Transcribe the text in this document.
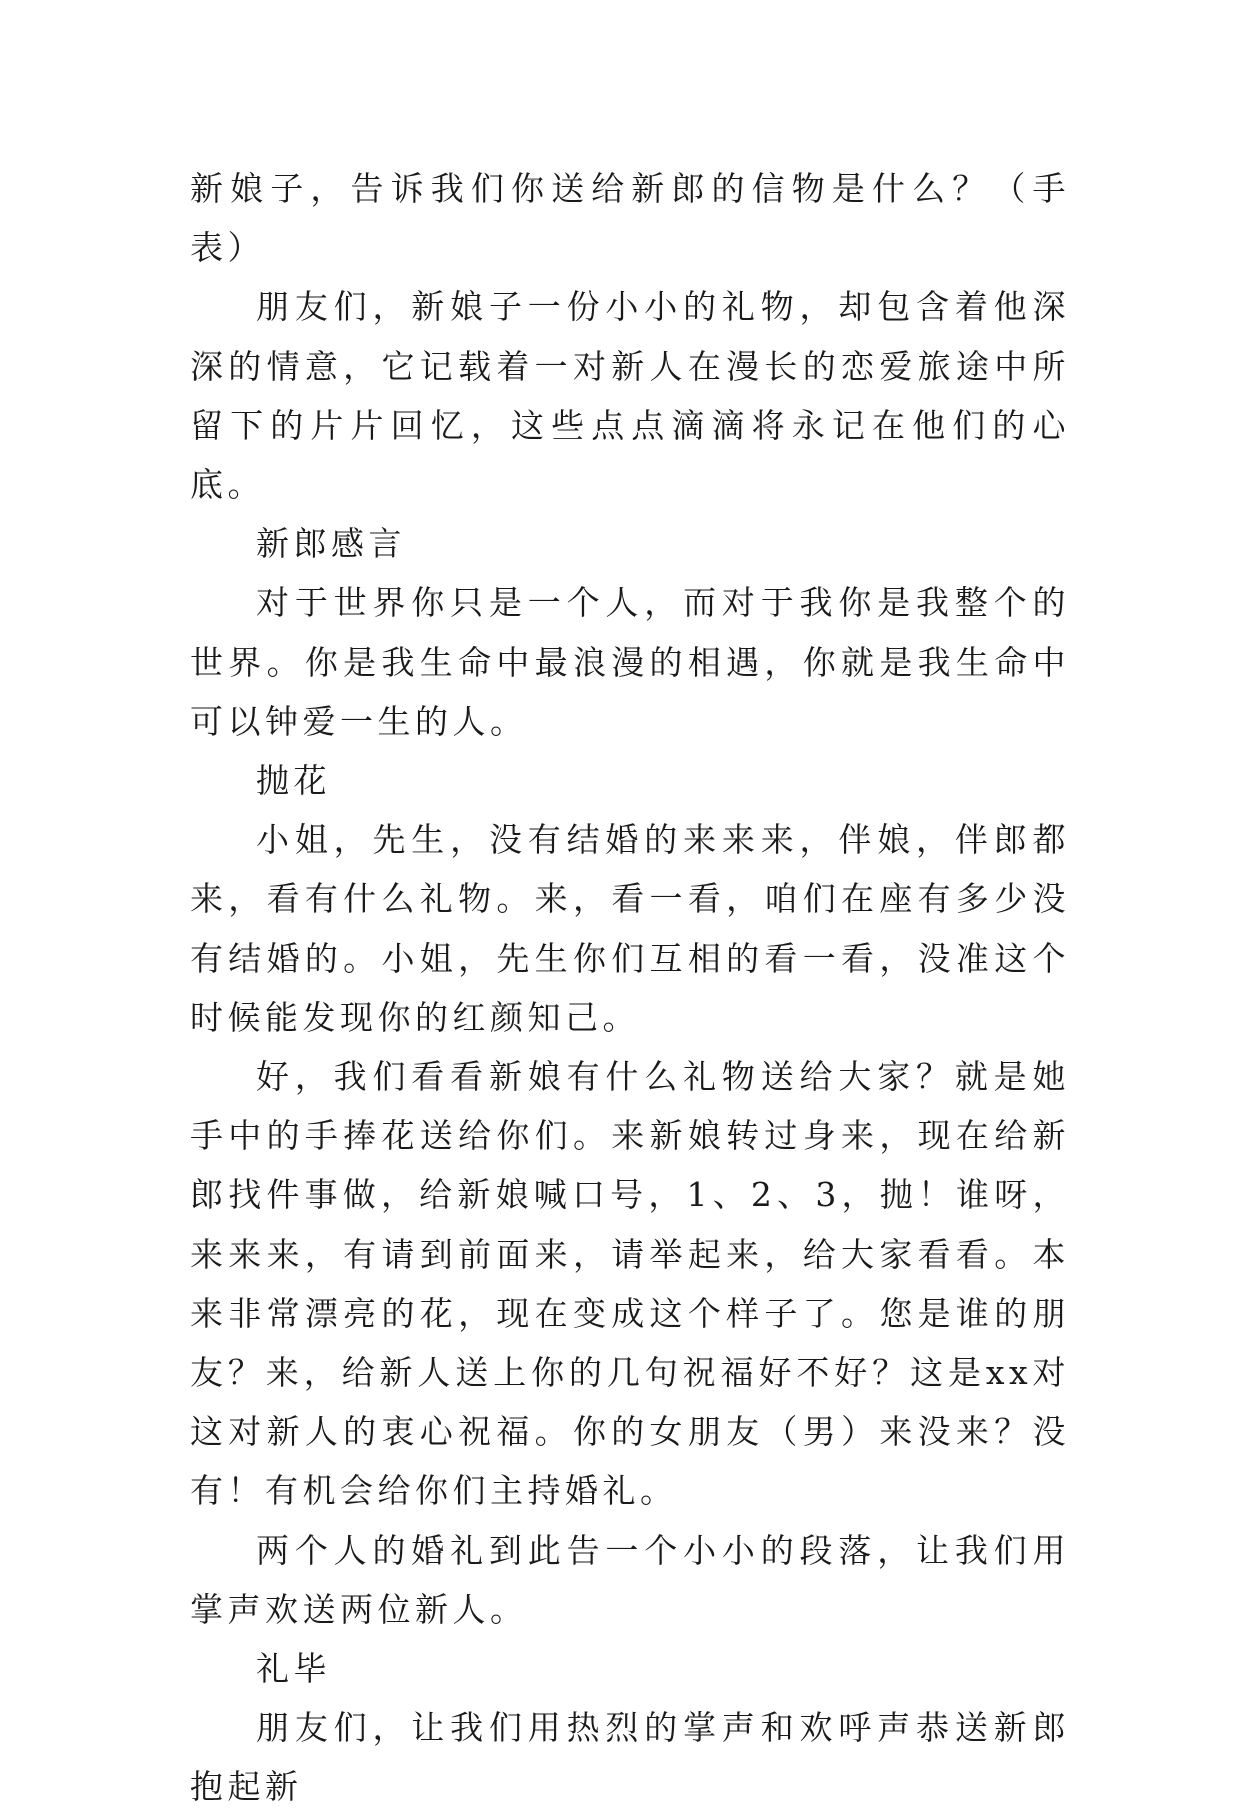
新娘子，告诉我们你送给新郎的信物是什么？（手表）

朋友们，新娘子一份小小的礼物，却包含着他深深的情意，它记载着一对新人在漫长的恋爱旅途中所留下的片片回忆，这些点点滴滴将永记在他们的心底。

新郎感言

对于世界你只是一个人，而对于我你是我整个的世界。你是我生命中最浪漫的相遇，你就是我生命中可以钟爱一生的人。

抛花

小姐，先生，没有结婚的来来来，伴娘，伴郎都来，看有什么礼物。来，看一看，咱们在座有多少没有结婚的。小姐，先生你们互相的看一看，没准这个时候能发现你的红颜知己。

好，我们看看新娘有什么礼物送给大家？就是她手中的手捧花送给你们。来新娘转过身来，现在给新郎找件事做，给新娘喊口号，1、2、3，抛！谁呀，来来来，有请到前面来，请举起来，给大家看看。本来非常漂亮的花，现在变成这个样子了。您是谁的朋友？来，给新人送上你的几句祝福好不好？这是xx对这对新人的衷心祝福。你的女朋友（男）来没来？没有！有机会给你们主持婚礼。

两个人的婚礼到此告一个小小的段落，让我们用掌声欢送两位新人。

礼毕

朋友们，让我们用热烈的掌声和欢呼声恭送新郎抱起新
